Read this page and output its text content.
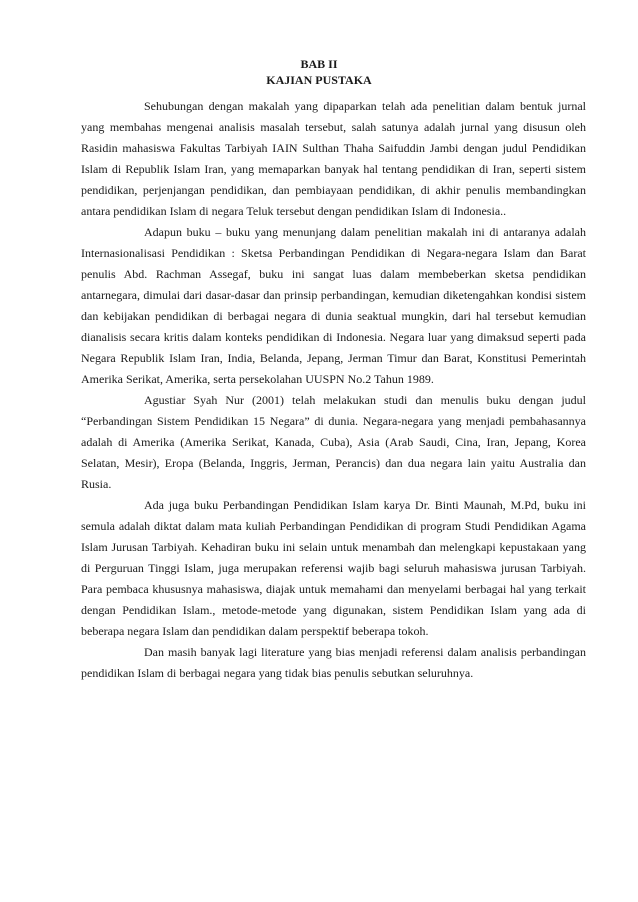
BAB II
KAJIAN PUSTAKA

Sehubungan dengan makalah yang dipaparkan telah ada penelitian dalam bentuk jurnal yang membahas mengenai analisis masalah tersebut, salah satunya adalah jurnal yang disusun oleh Rasidin mahasiswa Fakultas Tarbiyah IAIN Sulthan Thaha Saifuddin Jambi dengan judul Pendidikan Islam di Republik Islam Iran, yang memaparkan banyak hal tentang pendidikan di Iran, seperti sistem pendidikan, perjenjangan pendidikan, dan pembiayaan pendidikan, di akhir penulis membandingkan antara pendidikan Islam di negara Teluk tersebut dengan pendidikan Islam di Indonesia..

Adapun buku – buku yang menunjang dalam penelitian makalah ini di antaranya adalah Internasionalisasi Pendidikan : Sketsa Perbandingan Pendidikan di Negara-negara Islam dan Barat penulis Abd. Rachman Assegaf, buku ini sangat luas dalam membeberkan sketsa pendidikan antarnegara, dimulai dari dasar-dasar dan prinsip perbandingan, kemudian diketengahkan kondisi sistem dan kebijakan pendidikan di berbagai negara di dunia seaktual mungkin, dari hal tersebut kemudian dianalisis secara kritis dalam konteks pendidikan di Indonesia. Negara luar yang dimaksud seperti pada Negara Republik Islam Iran, India, Belanda, Jepang, Jerman Timur dan Barat, Konstitusi Pemerintah Amerika Serikat, Amerika, serta persekolahan UUSPN No.2 Tahun 1989.

Agustiar Syah Nur (2001) telah melakukan studi dan menulis buku dengan judul “Perbandingan Sistem Pendidikan 15 Negara” di dunia. Negara-negara yang menjadi pembahasannya adalah di Amerika (Amerika Serikat, Kanada, Cuba), Asia (Arab Saudi, Cina, Iran, Jepang, Korea Selatan, Mesir), Eropa (Belanda, Inggris, Jerman, Perancis) dan dua negara lain yaitu Australia dan Rusia.

Ada juga buku Perbandingan Pendidikan Islam karya Dr. Binti Maunah, M.Pd, buku ini semula adalah diktat dalam mata kuliah Perbandingan Pendidikan di program Studi Pendidikan Agama Islam Jurusan Tarbiyah. Kehadiran buku ini selain untuk menambah dan melengkapi kepustakaan yang di Perguruan Tinggi Islam, juga merupakan referensi wajib bagi seluruh mahasiswa jurusan Tarbiyah. Para pembaca khususnya mahasiswa, diajak untuk memahami dan menyelami berbagai hal yang terkait dengan Pendidikan Islam., metode-metode yang digunakan, sistem Pendidikan Islam yang ada di beberapa negara Islam dan pendidikan dalam perspektif beberapa tokoh.

Dan masih banyak lagi literature yang bias menjadi referensi dalam analisis perbandingan pendidikan Islam di berbagai negara yang tidak bias penulis sebutkan seluruhnya.
